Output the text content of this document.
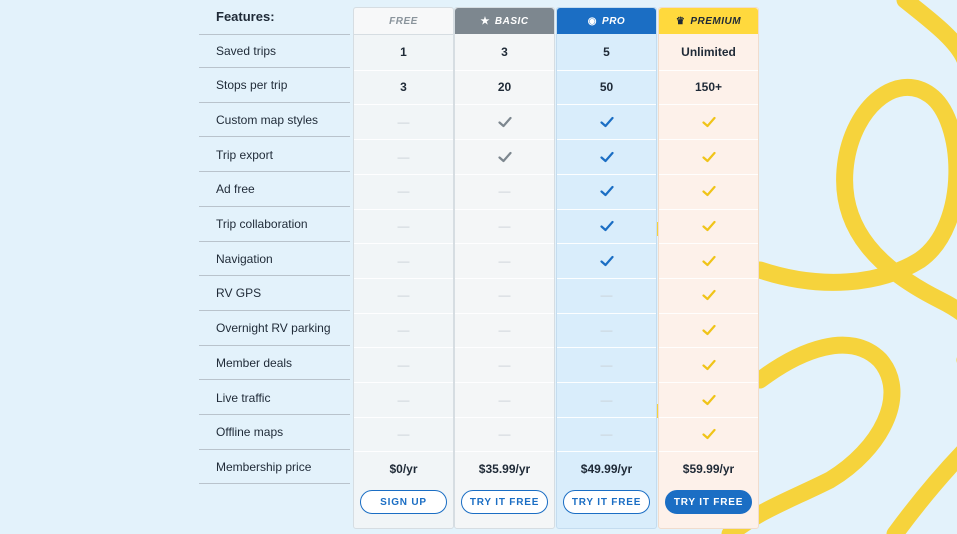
Features:
Saved trips
Stops per trip
Custom map styles
Trip export
Ad free
Trip collaboration
Navigation
RV GPS
Overnight RV parking
Member deals
Live traffic
Offline maps
Membership price
FREE
1
3
—
—
—
—
—
—
—
—
—
—
$0/yr
SIGN UP
★ BASIC
3
20
—
—
—
—
—
—
—
—
$35.99/yr
TRY IT FREE
◉ PRO
5
50
—
—
—
—
—
$49.99/yr
TRY IT FREE
♛ PREMIUM
Unlimited
150+
$59.99/yr
TRY IT FREE
